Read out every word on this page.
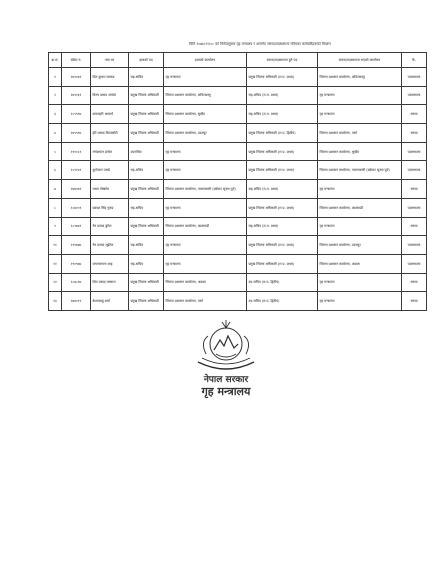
मिति २०७६।११।०८ को निर्णयानुसार गृह मन्त्रालय र अन्तर्गत सरुवा/पदस्थापना गरिएका कर्मचारीहरूको विवरण
क्र.सं.	संकेत नं.	नाम थर	हालको पद	हालको कार्यालय	सरुवा/पदस्थापना हुने पद	सरुवा/पदस्थापना भएको कार्यालय	कै.
१	१७९०७१	दिल कुमार तामाङ	सह-सचिव	गृह मन्त्रालय	प्रमुख जिल्ला अधिकारी (रा.प. प्रथम)	जिल्ला प्रशासन कार्यालय, कपिलवस्तु	पदस्थापना
२	१७९१६१	विनय प्रसाद अर्याल	प्रमुख जिल्ला अधिकारी	जिल्ला प्रशासन कार्यालय, कपिलवस्तु	सह-सचिव (रा.प. प्रथम)	गृह मन्त्रालय	पदस्थापना
३	१८९९९७	कमलहरि आचार्य	प्रमुख जिल्ला अधिकारी	जिल्ला प्रशासन कार्यालय, सुर्खेत	सह-सचिव (रा.प. प्रथम)	गृह मन्त्रालय	सरुवा
४	१७९९९७	हरि प्रसाद शिवाकोटी	प्रमुख जिल्ला अधिकारी	जिल्ला प्रशासन कार्यालय, उदयपुर	प्रमुख जिल्ला अधिकारी (रा.प. द्वितीय)	जिल्ला प्रशासन कार्यालय, पर्सा	सरुवा
५	१९००८९	गणेशमान डंगोल	उपसचिव	गृह मन्त्रालय	प्रमुख जिल्ला अधिकारी (रा.प. प्रथम)	जिल्ला प्रशासन कार्यालय, सुर्खेत	पदस्थापना
६	१८९१४१	दुर्गालाल पाण्डे	सह-सचिव	गृह मन्त्रालय	प्रमुख जिल्ला अधिकारी (रा.प. प्रथम)	जिल्ला प्रशासन कार्यालय, नवलपरासी (बर्दघाट सुस्ता पूर्व)	पदस्थापना
७	१७७९७१	राधव पोखरेल	प्रमुख जिल्ला अधिकारी	जिल्ला प्रशासन कार्यालय, नवलपरासी (बर्दघाट सुस्ता पूर्व)	सह-सचिव (रा.प. प्रथम)	गृह मन्त्रालय	सरुवा
८	१८७००१	प्रकाश सिंह गुरुङ	सह-सचिव	गृह मन्त्रालय	प्रमुख जिल्ला अधिकारी (रा.प. प्रथम)	जिल्ला प्रशासन कार्यालय, काठमाडौं	पदस्थापना
९	१८९७७१	गेन प्रसाद ढुंगेल	प्रमुख जिल्ला अधिकारी	जिल्ला प्रशासन कार्यालय, काठमाडौं	सह-सचिव (रा.प. प्रथम)	गृह मन्त्रालय	सरुवा
१०	१९१७७७	गेन प्रसाद लुईटेल	सह-सचिव	गृह मन्त्रालय	प्रमुख जिल्ला अधिकारी (रा.प. प्रथम)	जिल्ला प्रशासन कार्यालय, उदयपुर	पदस्थापना
११	१९०९७७	जयनारायण शाह	सह-सचिव	गृह मन्त्रालय	प्रमुख जिल्ला अधिकारी (रा.प. प्रथम)	जिल्ला प्रशासन कार्यालय, अछाम	पदस्थापना
१२	१८७८९७	शिव प्रसाद लम्साल	प्रमुख जिल्ला अधिकारी	जिल्ला प्रशासन कार्यालय, अछाम	उप-सचिव (रा.प. द्वितीय)	गृह मन्त्रालय	सरुवा
१३	१७७०१९	केशरबाबु शर्मा	प्रमुख जिल्ला अधिकारी	जिल्ला प्रशासन कार्यालय, पर्सा	उप-सचिव (रा.प. द्वितीय)	गृह मन्त्रालय	सरुवा
नेपाल सरकार
गृह मन्त्रालय
